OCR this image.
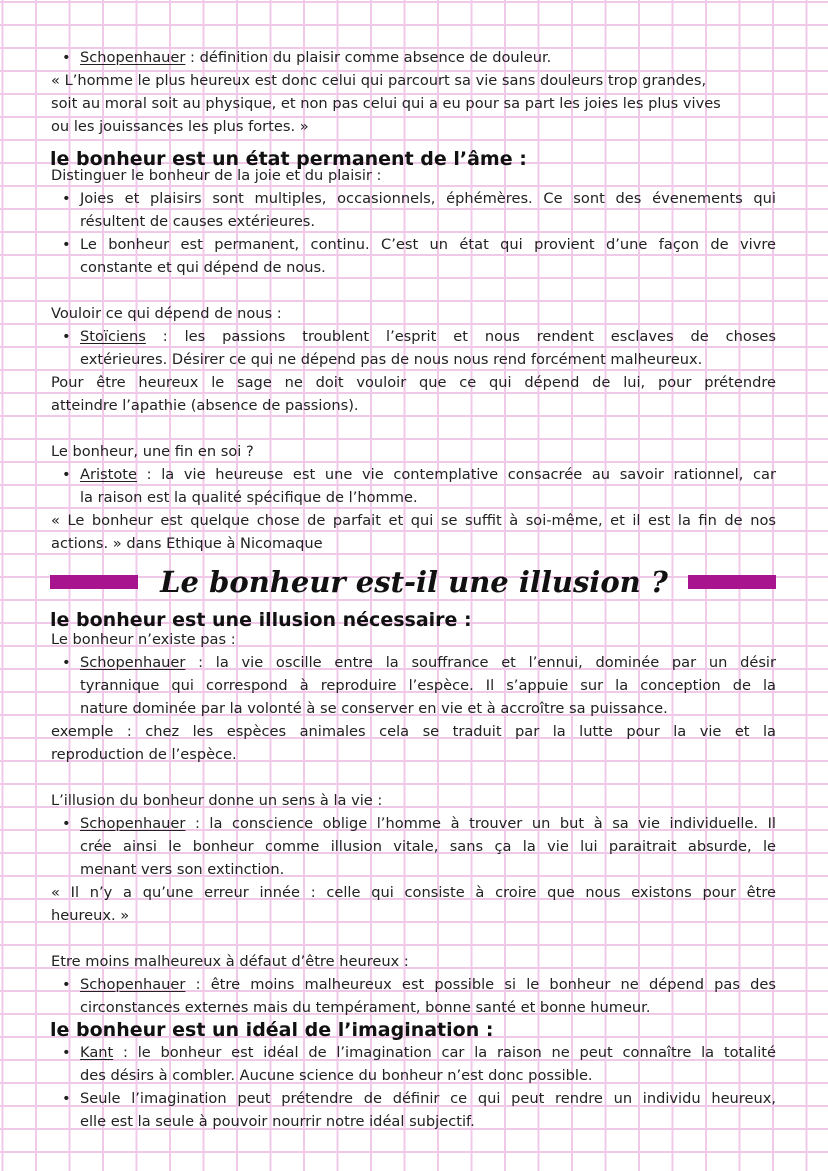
• Schopenhauer : définition du plaisir comme absence de douleur.

« L’homme le plus heureux est donc celui qui parcourt sa vie sans douleurs trop grandes,

soit au moral soit au physique, et non pas celui qui a eu pour sa part les joies les plus vives

ou les jouissances les plus fortes. »

le bonheur est un état permanent de l’âme :

Distinguer le bonheur de la joie et du plaisir :

• Joies et plaisirs sont multiples, occasionnels, éphémères. Ce sont des évenements qui

résultent de causes extérieures.

• Le bonheur est permanent, continu. C’est un état qui provient d’une façon de vivre

constante et qui dépend de nous.

Vouloir ce qui dépend de nous :

• Stoïciens : les passions troublent l’esprit et nous rendent esclaves de choses

extérieures. Désirer ce qui ne dépend pas de nous nous rend forcément malheureux.

Pour être heureux le sage ne doit vouloir que ce qui dépend de lui, pour prétendre

atteindre l’apathie (absence de passions).

Le bonheur, une fin en soi ?

• Aristote : la vie heureuse est une vie contemplative consacrée au savoir rationnel, car

la raison est la qualité spécifique de l’homme.

« Le bonheur est quelque chose de parfait et qui se suffit à soi-même, et il est la fin de nos

actions. » dans Ethique à Nicomaque

Le bonheur est-il une illusion ?
le bonheur est une illusion nécessaire :

Le bonheur n’existe pas :

• Schopenhauer : la vie oscille entre la souffrance et l’ennui, dominée par un désir

tyrannique qui correspond à reproduire l’espèce. Il s’appuie sur la conception de la

nature dominée par la volonté à se conserver en vie et à accroître sa puissance.

exemple : chez les espèces animales cela se traduit par la lutte pour la vie et la

reproduction de l’espèce.

L’illusion du bonheur donne un sens à la vie :

• Schopenhauer : la conscience oblige l’homme à trouver un but à sa vie individuelle. Il

crée ainsi le bonheur comme illusion vitale, sans ça la vie lui paraitrait absurde, le

menant vers son extinction.

« Il n’y a qu’une erreur innée : celle qui consiste à croire que nous existons pour être

heureux. »

Etre moins malheureux à défaut d’être heureux :

• Schopenhauer : être moins malheureux est possible si le bonheur ne dépend pas des

circonstances externes mais du tempérament, bonne santé et bonne humeur.

le bonheur est un idéal de l’imagination :

• Kant : le bonheur est idéal de l’imagination car la raison ne peut connaître la totalité

des désirs à combler. Aucune science du bonheur n’est donc possible.

• Seule l’imagination peut prétendre de définir ce qui peut rendre un individu heureux,

elle est la seule à pouvoir nourrir notre idéal subjectif.
